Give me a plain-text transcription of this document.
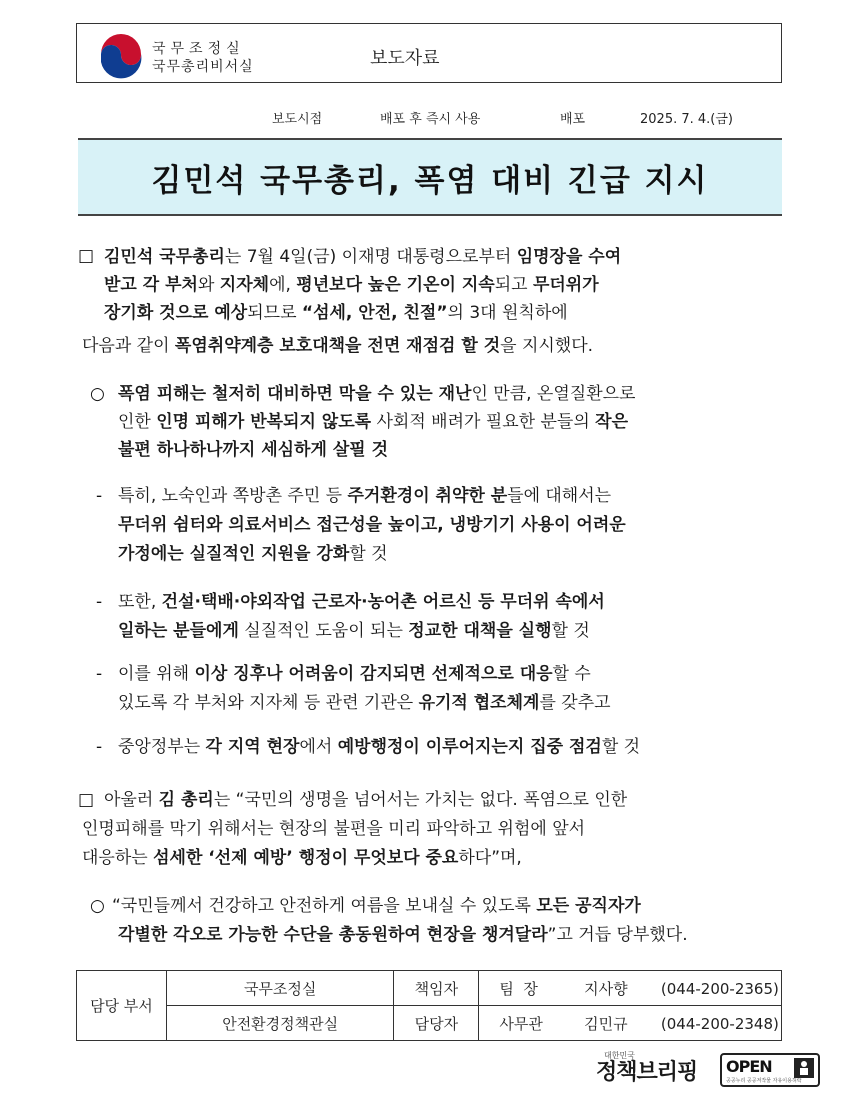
국무조정실
국무총리비서실	보도자료
보도시점	배포 후 즉시 사용	배포	2025. 7. 4.(금)
김민석 국무총리, 폭염 대비 긴급 지시
□ 김민석 국무총리는 7월 4일(금) 이재명 대통령으로부터 임명장을 수여
받고 각 부처와 지자체에, 평년보다 높은 기온이 지속되고 무더위가
장기화 것으로 예상되므로 “섬세, 안전, 친절”의 3대 원칙하에
다음과 같이 폭염취약계층 보호대책을 전면 재점검 할 것을 지시했다.
○ 폭염 피해는 철저히 대비하면 막을 수 있는 재난인 만큼, 온열질환으로
인한 인명 피해가 반복되지 않도록 사회적 배려가 필요한 분들의 작은
불편 하나하나까지 세심하게 살필 것
- 특히, 노숙인과 쪽방촌 주민 등 주거환경이 취약한 분들에 대해서는
무더위 쉼터와 의료서비스 접근성을 높이고, 냉방기기 사용이 어려운
가정에는 실질적인 지원을 강화할 것
- 또한, 건설·택배·야외작업 근로자·농어촌 어르신 등 무더위 속에서
일하는 분들에게 실질적인 도움이 되는 정교한 대책을 실행할 것
- 이를 위해 이상 징후나 어려움이 감지되면 선제적으로 대응할 수
있도록 각 부처와 지자체 등 관련 기관은 유기적 협조체계를 갖추고
- 중앙정부는 각 지역 현장에서 예방행정이 이루어지는지 집중 점검할 것
□ 아울러 김 총리는 “국민의 생명을 넘어서는 가치는 없다. 폭염으로 인한
인명피해를 막기 위해서는 현장의 불편을 미리 파악하고 위험에 앞서
대응하는 섬세한 ‘선제 예방’ 행정이 무엇보다 중요하다”며,
○ “국민들께서 건강하고 안전하게 여름을 보내실 수 있도록 모든 공직자가
각별한 각오로 가능한 수단을 총동원하여 현장을 챙겨달라”고 거듭 당부했다.
담당 부서	국무조정실	책임자	팀  장 지사향 (044-200-2365)
	안전환경정책관실	담당자	사무관 김민규 (044-200-2348)
대한민국
정책브리핑	OPEN
공공누리 공공저작물 자유이용허락
